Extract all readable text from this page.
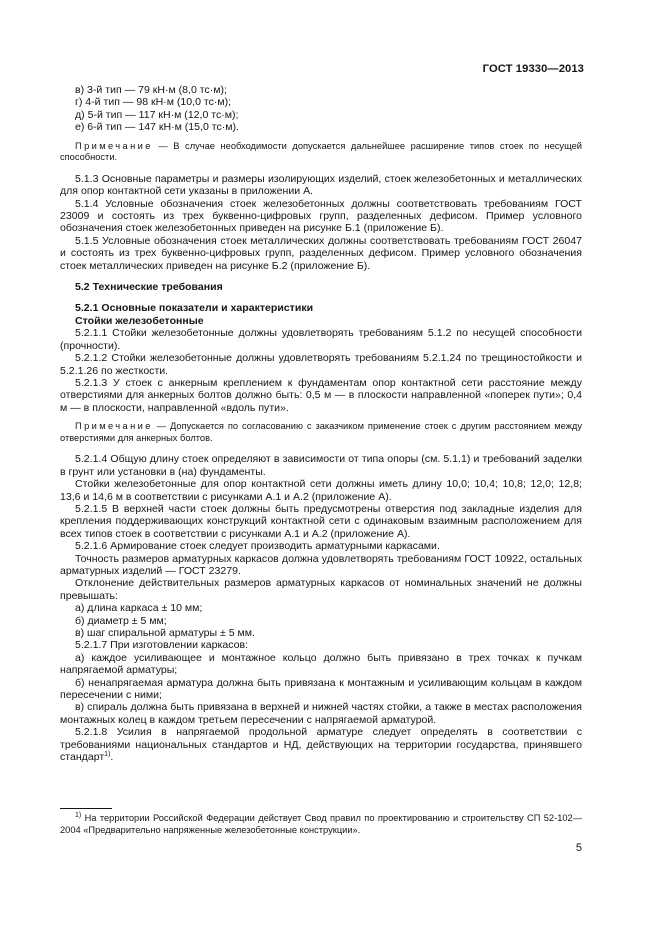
ГОСТ 19330—2013

в) 3-й тип — 79 кН·м (8,0 тс·м);

г) 4-й тип — 98 кН·м (10,0 тс·м);

д) 5-й тип — 117 кН·м (12,0 тс·м);

е) 6-й тип — 147 кН·м (15,0 тс·м).

Примечание — В случае необходимости допускается дальнейшее расширение типов стоек по несущей способности.

5.1.3 Основные параметры и размеры изолирующих изделий, стоек железобетонных и металлических для опор контактной сети указаны в приложении А.

5.1.4 Условные обозначения стоек железобетонных должны соответствовать требованиям ГОСТ 23009 и состоять из трех буквенно-цифровых групп, разделенных дефисом. Пример условного обозначения стоек железобетонных приведен на рисунке Б.1 (приложение Б).

5.1.5 Условные обозначения стоек металлических должны соответствовать требованиям ГОСТ 26047 и состоять из трех буквенно-цифровых групп, разделенных дефисом. Пример условного обозначения стоек металлических приведен на рисунке Б.2 (приложение Б).

5.2 Технические требования

5.2.1 Основные показатели и характеристики

Стойки железобетонные

5.2.1.1 Стойки железобетонные должны удовлетворять требованиям 5.1.2 по несущей способности (прочности).

5.2.1.2 Стойки железобетонные должны удовлетворять требованиям 5.2.1.24 по трещиностойкости и 5.2.1.26 по жесткости.

5.2.1.3 У стоек с анкерным креплением к фундаментам опор контактной сети расстояние между отверстиями для анкерных болтов должно быть: 0,5 м — в плоскости направленной «поперек пути»; 0,4 м — в плоскости, направленной «вдоль пути».

Примечание — Допускается по согласованию с заказчиком применение стоек с другим расстоянием между отверстиями для анкерных болтов.

5.2.1.4 Общую длину стоек определяют в зависимости от типа опоры (см. 5.1.1) и требований заделки в грунт или установки в (на) фундаменты.

Стойки железобетонные для опор контактной сети должны иметь длину 10,0; 10,4; 10,8; 12,0; 12,8; 13,6 и 14,6 м в соответствии с рисунками А.1 и А.2 (приложение А).

5.2.1.5 В верхней части стоек должны быть предусмотрены отверстия под закладные изделия для крепления поддерживающих конструкций контактной сети с одинаковым взаимным расположением для всех типов стоек в соответствии с рисунками А.1 и А.2 (приложение А).

5.2.1.6 Армирование стоек следует производить арматурными каркасами.

Точность размеров арматурных каркасов должна удовлетворять требованиям ГОСТ 10922, остальных арматурных изделий — ГОСТ 23279.

Отклонение действительных размеров арматурных каркасов от номинальных значений не должны превышать:

а) длина каркаса ± 10 мм;

б) диаметр ± 5 мм;

в) шаг спиральной арматуры ± 5 мм.

5.2.1.7 При изготовлении каркасов:

а) каждое усиливающее и монтажное кольцо должно быть привязано в трех точках к пучкам напрягаемой арматуры;

б) ненапрягаемая арматура должна быть привязана к монтажным и усиливающим кольцам в каждом пересечении с ними;

в) спираль должна быть привязана в верхней и нижней частях стойки, а также в местах расположения монтажных колец в каждом третьем пересечении с напрягаемой арматурой.

5.2.1.8 Усилия в напрягаемой продольной арматуре следует определять в соответствии с требованиями национальных стандартов и НД, действующих на территории государства, принявшего стандарт$^{1)}$.

$^{1)}$ На территории Российской Федерации действует Свод правил по проектированию и строительству СП 52-102—2004 «Предварительно напряженные железобетонные конструкции».

5
